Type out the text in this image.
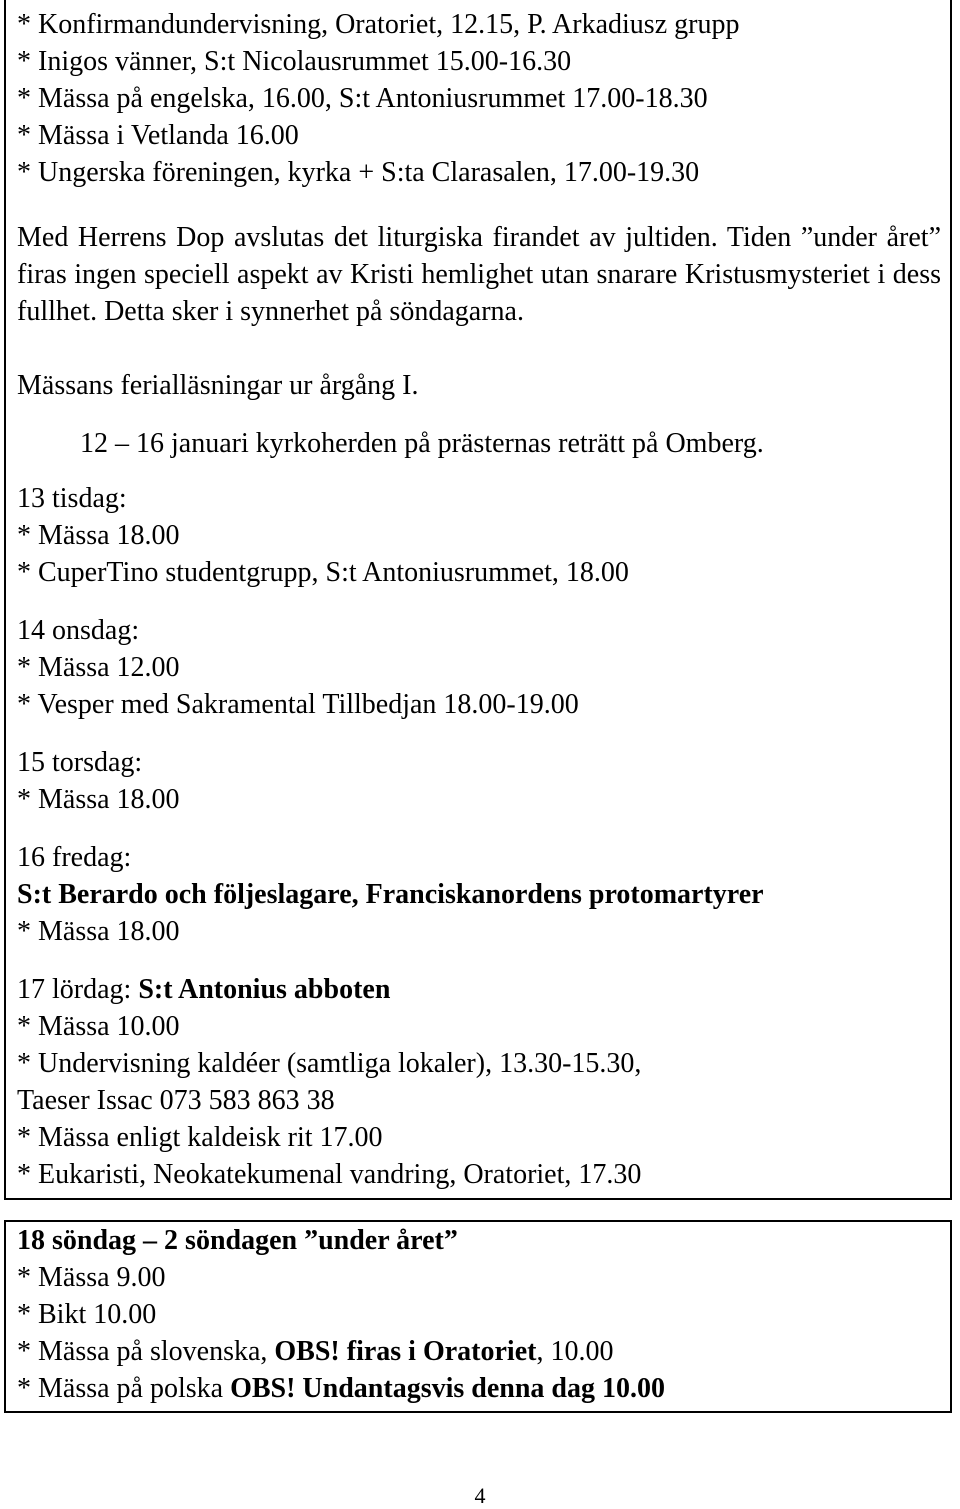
* Konfirmandundervisning, Oratoriet, 12.15, P. Arkadiusz grupp
* Inigos vänner, S:t Nicolausrummet 15.00-16.30
* Mässa på engelska, 16.00, S:t Antoniusrummet 17.00-18.30
* Mässa i Vetlanda 16.00
* Ungerska föreningen, kyrka + S:ta Clarasalen, 17.00-19.30
Med Herrens Dop avslutas det liturgiska firandet av jultiden. Tiden ”under året” firas ingen speciell aspekt av Kristi hemlighet utan snarare Kristusmysteriet i dess fullhet. Detta sker i synnerhet på söndagarna.
Mässans ferialläsningar ur årgång I.
12 – 16 januari kyrkoherden på prästernas reträtt på Omberg.
13 tisdag:
* Mässa 18.00
* CuperTino studentgrupp, S:t Antoniusrummet, 18.00
14 onsdag:
* Mässa 12.00
* Vesper med Sakramental Tillbedjan 18.00-19.00
15 torsdag:
* Mässa 18.00
16 fredag:
S:t Berardo och följeslagare, Franciskanordens protomartyrer
* Mässa 18.00
17 lördag: S:t Antonius abboten
* Mässa 10.00
* Undervisning kaldéer (samtliga lokaler), 13.30-15.30,
Taeser Issac 073 583 863 38
* Mässa enligt kaldeisk rit 17.00
* Eukaristi, Neokatekumenal vandring, Oratoriet, 17.30
18 söndag – 2 söndagen ”under året”
* Mässa 9.00
* Bikt 10.00
* Mässa på slovenska, OBS! firas i Oratoriet, 10.00
* Mässa på polska OBS! Undantagsvis denna dag 10.00
4
